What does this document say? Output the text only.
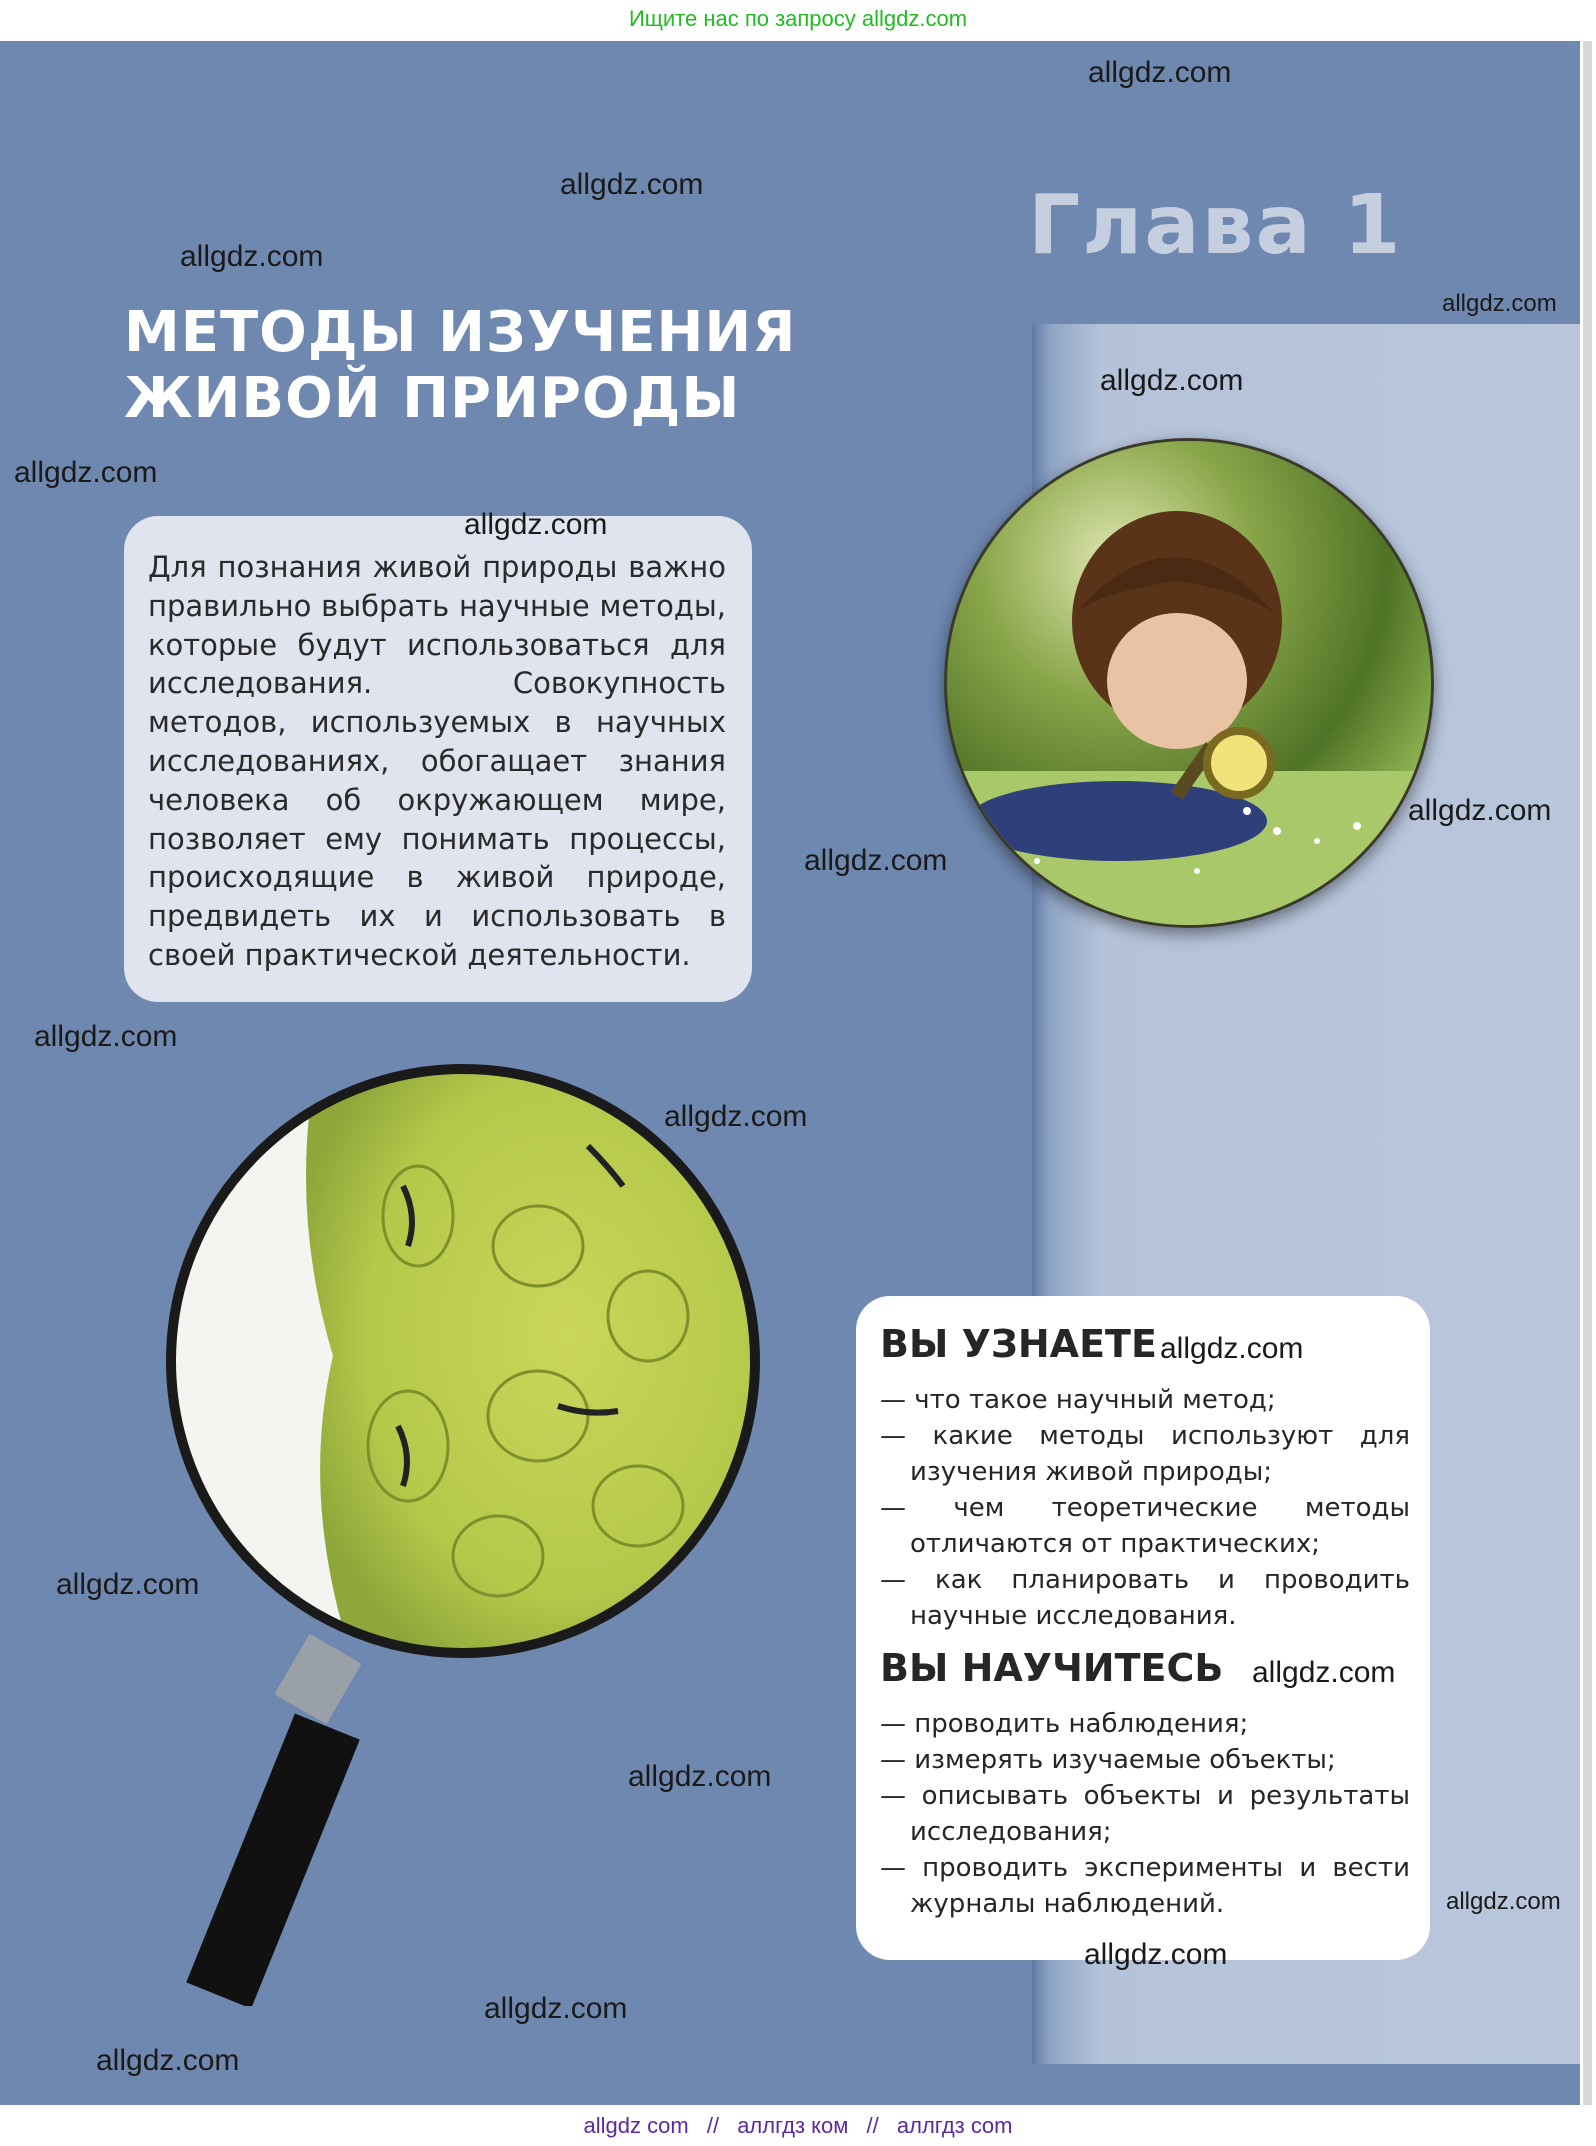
Ищите нас по запросу allgdz.com
Глава 1
МЕТОДЫ ИЗУЧЕНИЯ
ЖИВОЙ ПРИРОДЫ
Для познания живой природы важно правильно выбрать научные методы, которые будут использоваться для исследования. Совокупность методов, используемых в научных исследованиях, обогащает знания человека об окружающем мире, позволяет ему понимать процессы, происходящие в живой природе, предвидеть их и использовать в своей практической деятельности.
ВЫ УЗНАЕТЕ
— что такое научный метод;
— какие методы используют для изучения живой природы;
— чем теоретические методы отличаются от практических;
— как планировать и проводить научные исследования.
ВЫ НАУЧИТЕСЬ
— проводить наблюдения;
— измерять изучаемые объекты;
— описывать объекты и результаты исследования;
— проводить эксперименты и вести журналы наблюдений.
allgdz.com
allgdz.com
allgdz.com
allgdz.com
allgdz.com
allgdz.com
allgdz.com
allgdz.com
allgdz.com
allgdz.com
allgdz.com
allgdz.com
allgdz.com
allgdz.com
allgdz.com
allgdz.com
allgdz.com
allgdz.com
allgdz.com
allgdz com // аллгдз ком // аллгдз com
